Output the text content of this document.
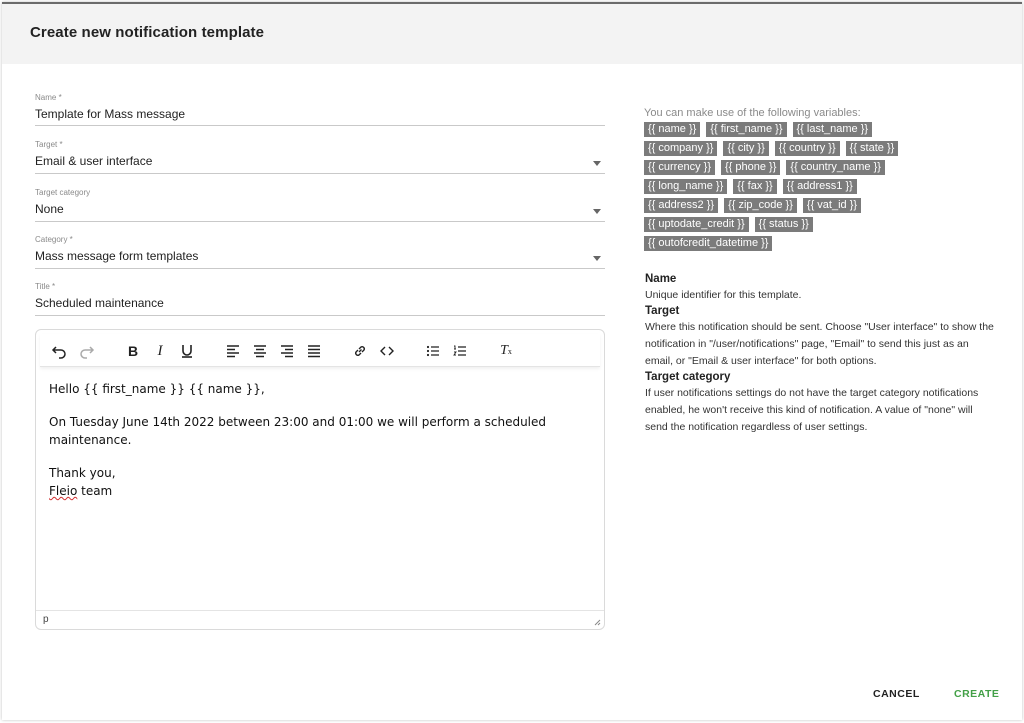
Create new notification template
Name *
Template for Mass message
Target *
Email & user interface
Target category
None
Category *
Mass message form templates
Title *
Scheduled maintenance
B	I	T x

Hello {{ first_name }} {{ name }},

On Tuesday June 14th 2022 between 23:00 and 01:00 we will perform a scheduled maintenance.

Thank you,

Fleio team

p
You can make use of the following variables:
{{ name }}	{{ first_name }}	{{ last_name }}
{{ company }}	{{ city }}	{{ country }}	{{ state }}
{{ currency }}	{{ phone }}	{{ country_name }}
{{ long_name }}	{{ fax }}	{{ address1 }}
{{ address2 }}	{{ zip_code }}	{{ vat_id }}
{{ uptodate_credit }}	{{ status }}
{{ outofcredit_datetime }}
Name
Unique identifier for this template.
Target
Where this notification should be sent. Choose "User interface" to show the notification in "/user/notifications" page, "Email" to send this just as an email, or "Email & user interface" for both options.
Target category
If user notifications settings do not have the target category notifications enabled, he won't receive this kind of notification. A value of "none" will send the notification regardless of user settings.
CANCEL	CREATE
